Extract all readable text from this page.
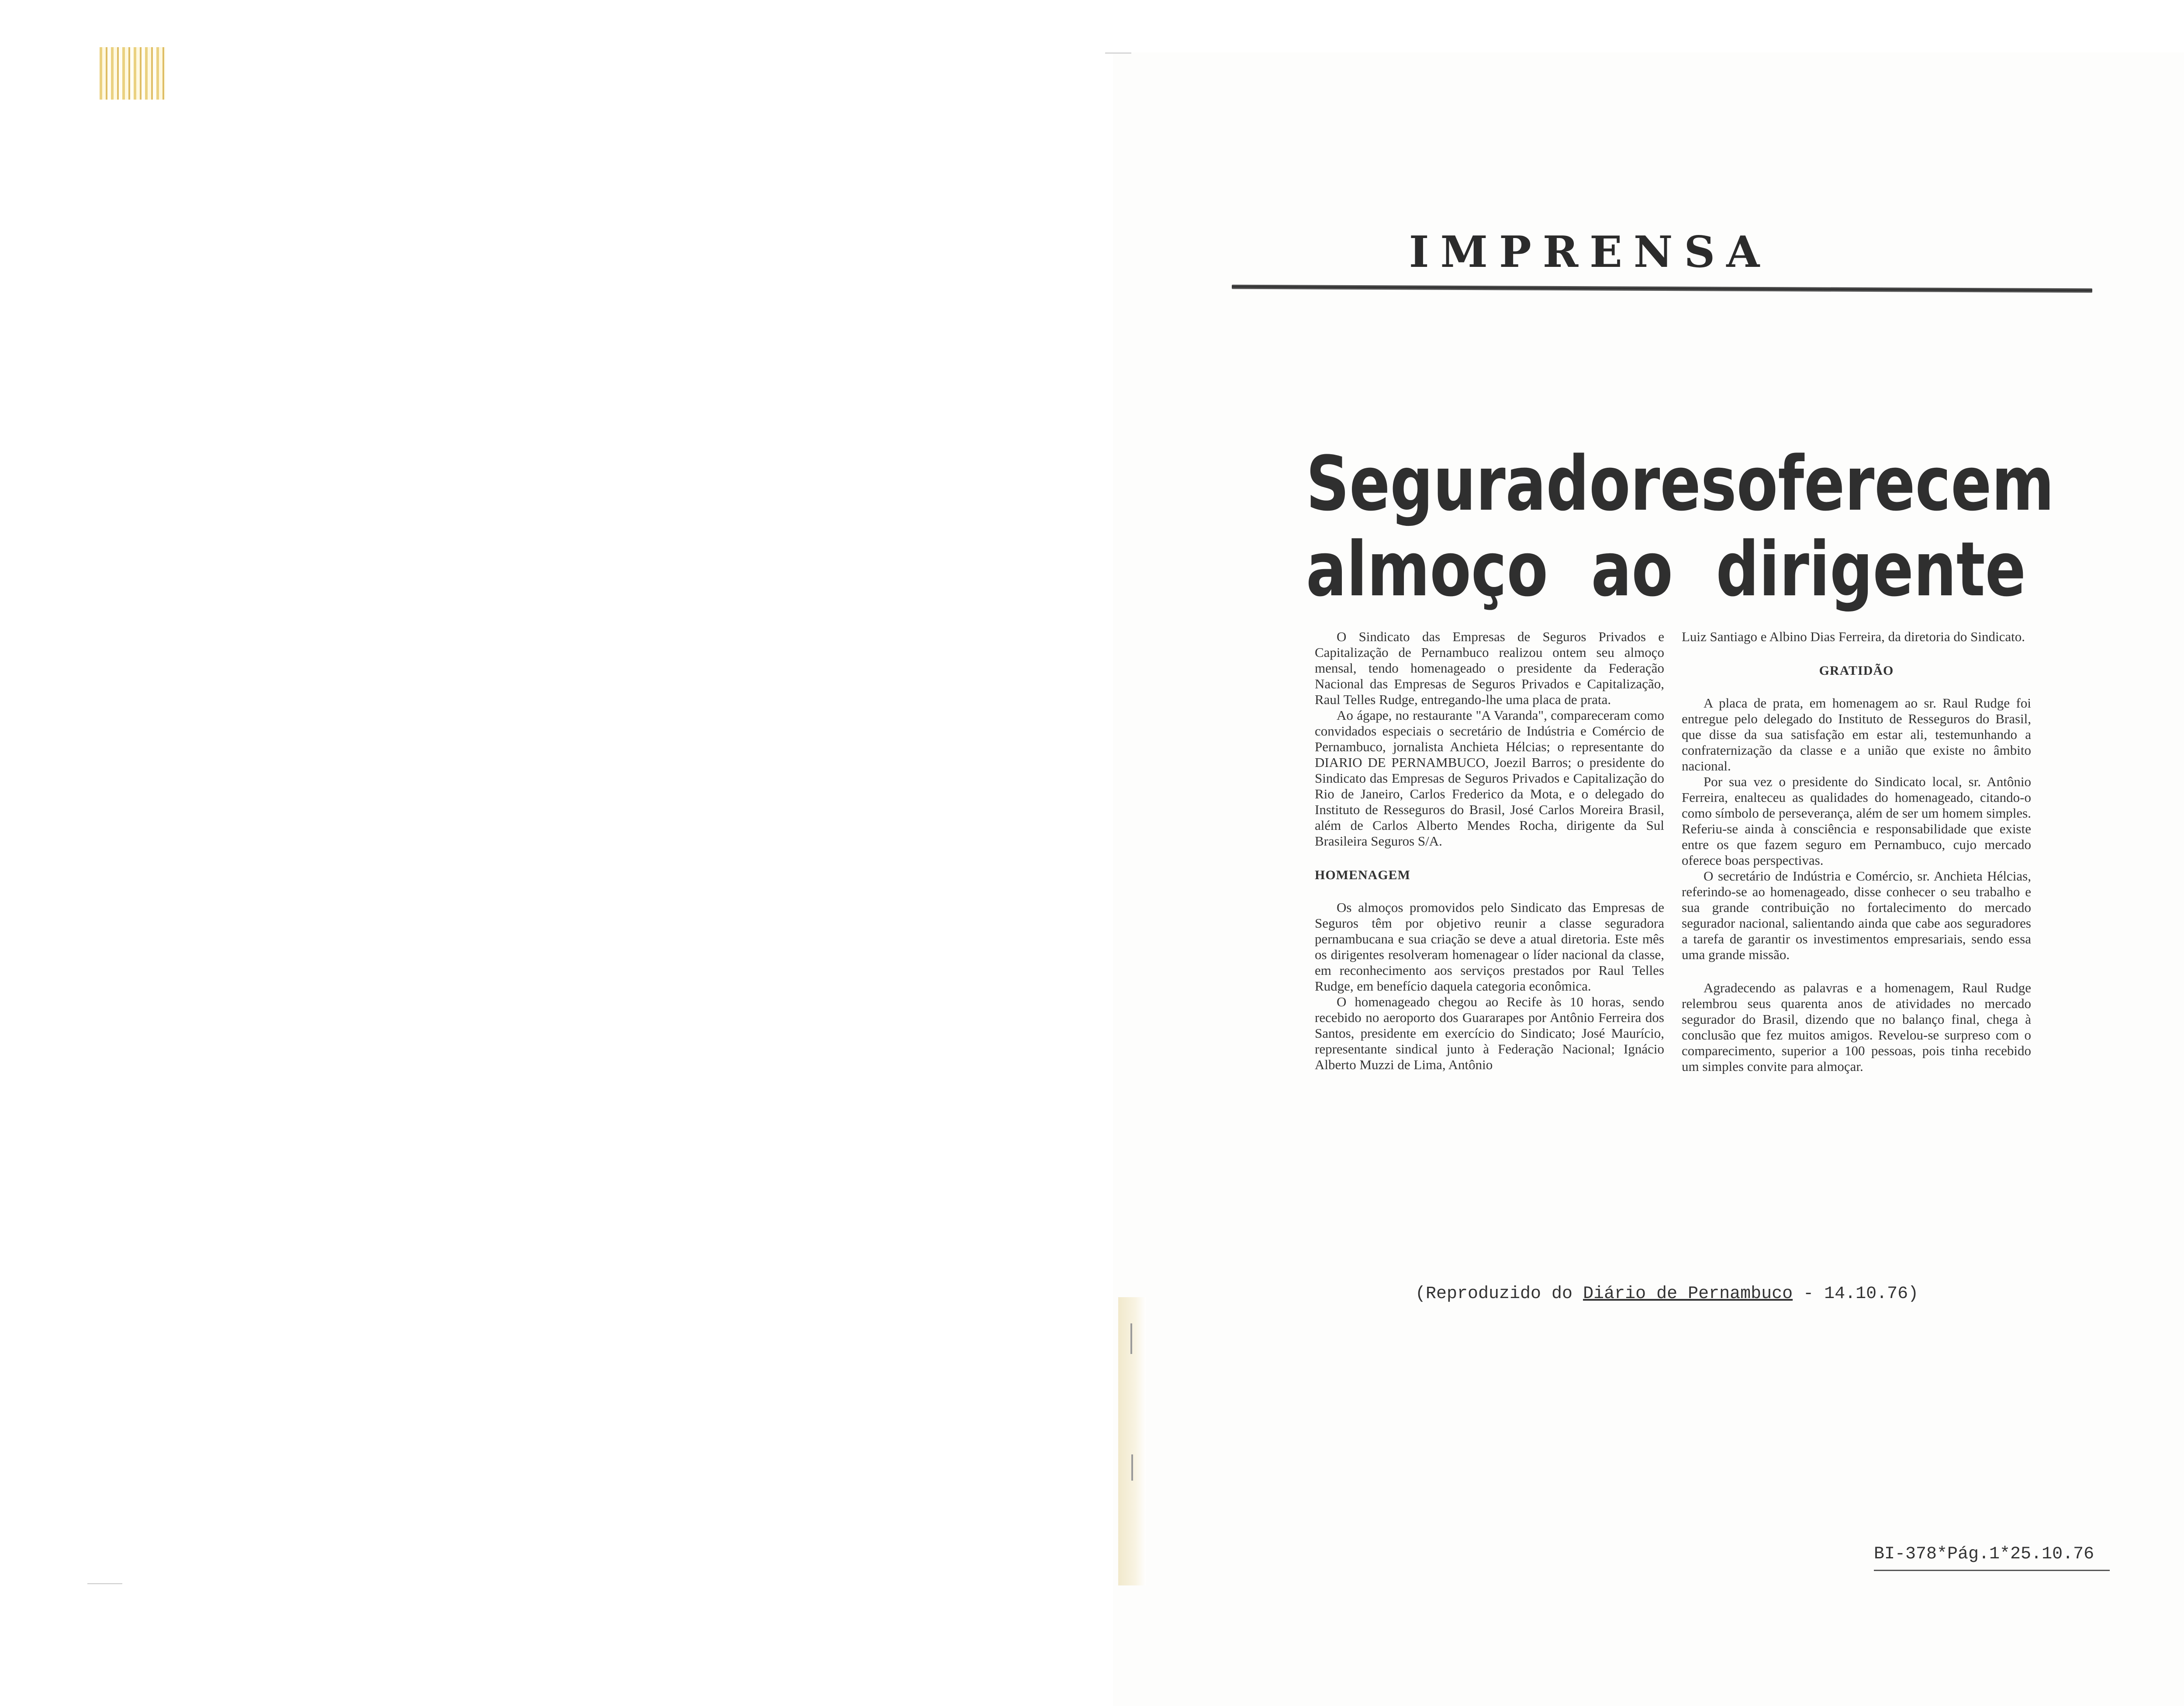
IMPRENSA
Seguradores oferecem
almoço ao dirigente

O Sindicato das Empresas de Seguros Privados e Capitalização de Pernambuco realizou ontem seu almoço mensal, tendo homenageado o presidente da Federação Nacional das Empresas de Seguros Privados e Capitalização, Raul Telles Rudge, entregando-lhe uma placa de prata.

Ao ágape, no restaurante "A Varanda", compareceram como convidados especiais o secretário de Indústria e Comércio de Pernambuco, jornalista Anchieta Hélcias; o representante do DIARIO DE PERNAMBUCO, Joezil Barros; o presidente do Sindicato das Empresas de Seguros Privados e Capitalização do Rio de Janeiro, Carlos Frederico da Mota, e o delegado do Instituto de Resseguros do Brasil, José Carlos Moreira Brasil, além de Carlos Alberto Mendes Rocha, dirigente da Sul Brasileira Seguros S/A.

HOMENAGEM

Os almoços promovidos pelo Sindicato das Empresas de Seguros têm por objetivo reunir a classe seguradora pernambucana e sua criação se deve a atual diretoria. Este mês os dirigentes resolveram homenagear o líder nacional da classe, em reconhecimento aos serviços prestados por Raul Telles Rudge, em benefício daquela categoria econômica.

O homenageado chegou ao Recife às 10 horas, sendo recebido no aeroporto dos Guararapes por Antônio Ferreira dos Santos, presidente em exercício do Sindicato; José Maurício, representante sindical junto à Federação Nacional; Ignácio Alberto Muzzi de Lima, Antônio

Luiz Santiago e Albino Dias Ferreira, da diretoria do Sindicato.

GRATIDÃO

A placa de prata, em homenagem ao sr. Raul Rudge foi entregue pelo delegado do Instituto de Resseguros do Brasil, que disse da sua satisfação em estar ali, testemunhando a confraternização da classe e a união que existe no âmbito nacional.

Por sua vez o presidente do Sindicato local, sr. Antônio Ferreira, enalteceu as qualidades do homenageado, citando-o como símbolo de perseverança, além de ser um homem simples. Referiu-se ainda à consciência e responsabilidade que existe entre os que fazem seguro em Pernambuco, cujo mercado oferece boas perspectivas.

O secretário de Indústria e Comércio, sr. Anchieta Hélcias, referindo-se ao homenageado, disse conhecer o seu trabalho e sua grande contribuição no fortalecimento do mercado segurador nacional, salientando ainda que cabe aos seguradores a tarefa de garantir os investimentos empresariais, sendo essa uma grande missão.

Agradecendo as palavras e a homenagem, Raul Rudge relembrou seus quarenta anos de atividades no mercado segurador do Brasil, dizendo que no balanço final, chega à conclusão que fez muitos amigos. Revelou-se surpreso com o comparecimento, superior a 100 pessoas, pois tinha recebido um simples convite para almoçar.

(Reproduzido do Diário de Pernambuco - 14.10.76)
BI-378*Pág.1*25.10.76
